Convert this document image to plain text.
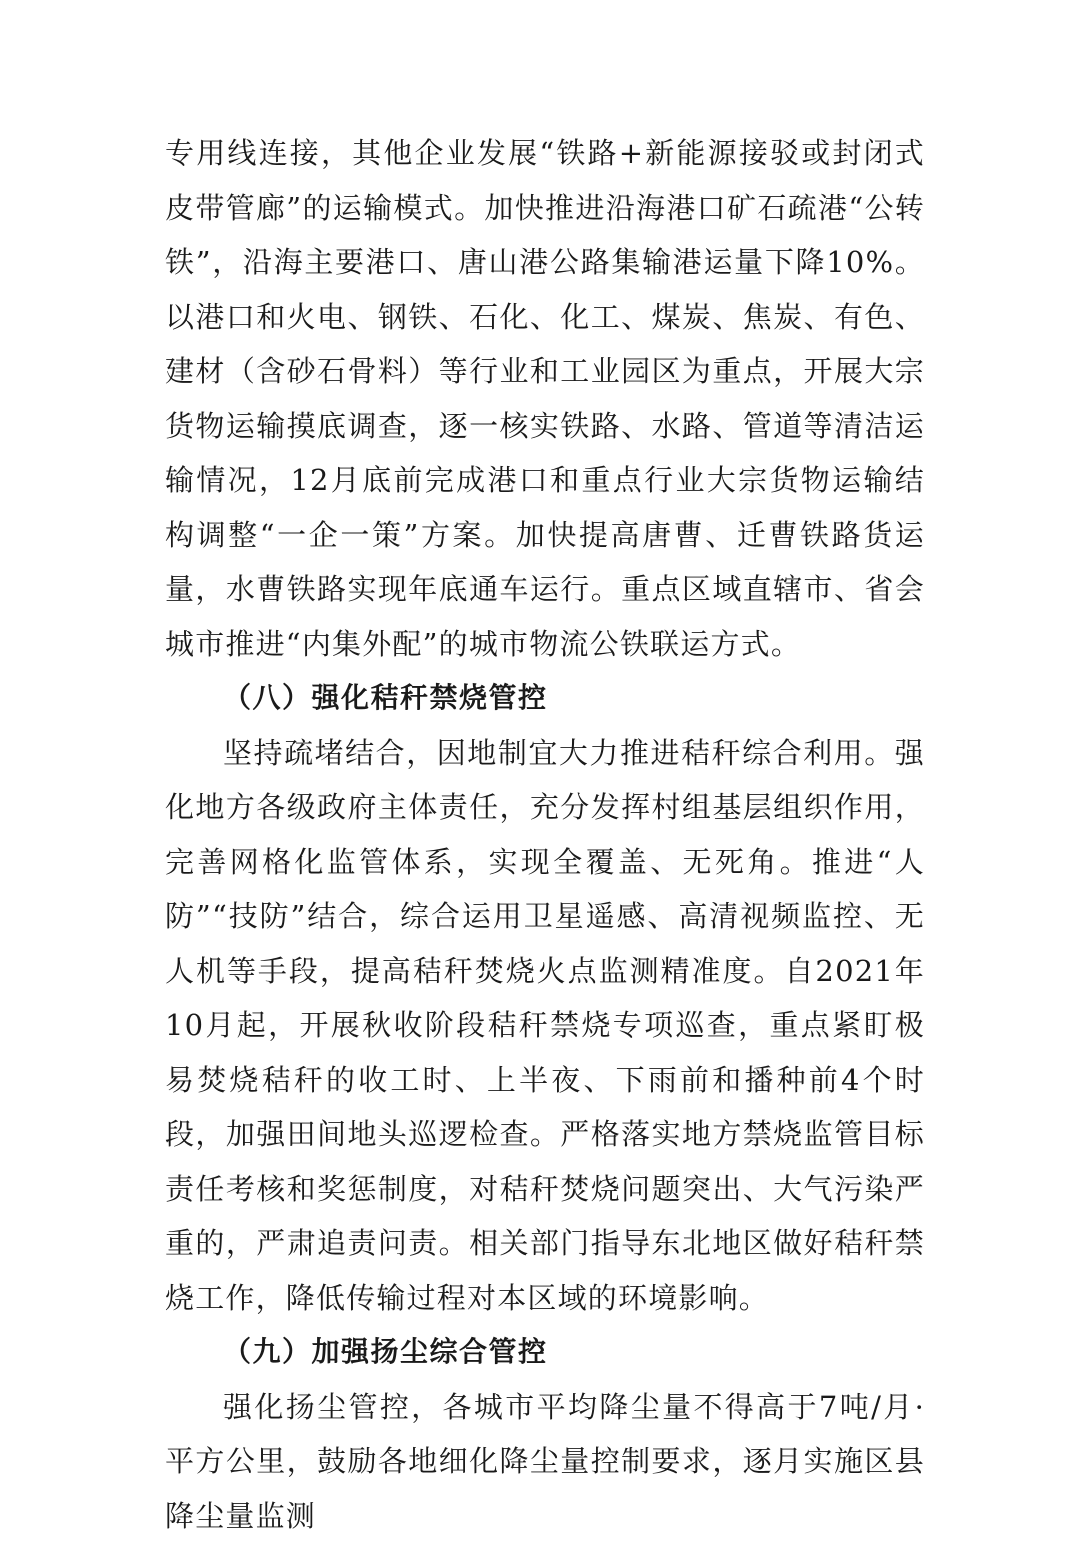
专用线连接，其他企业发展“铁路+新能源接驳或封闭式皮带管廊”的运输模式。加快推进沿海港口矿石疏港“公转铁”，沿海主要港口、唐山港公路集输港运量下降10%。以港口和火电、钢铁、石化、化工、煤炭、焦炭、有色、建材（含砂石骨料）等行业和工业园区为重点，开展大宗货物运输摸底调查，逐一核实铁路、水路、管道等清洁运输情况，12月底前完成港口和重点行业大宗货物运输结构调整“一企一策”方案。加快提高唐曹、迁曹铁路货运量，水曹铁路实现年底通车运行。重点区域直辖市、省会城市推进“内集外配”的城市物流公铁联运方式。

（八）强化秸秆禁烧管控

坚持疏堵结合，因地制宜大力推进秸秆综合利用。强化地方各级政府主体责任，充分发挥村组基层组织作用，完善网格化监管体系，实现全覆盖、无死角。推进“人防”“技防”结合，综合运用卫星遥感、高清视频监控、无人机等手段，提高秸秆焚烧火点监测精准度。自2021年10月起，开展秋收阶段秸秆禁烧专项巡查，重点紧盯极易焚烧秸秆的收工时、上半夜、下雨前和播种前4个时段，加强田间地头巡逻检查。严格落实地方禁烧监管目标责任考核和奖惩制度，对秸秆焚烧问题突出、大气污染严重的，严肃追责问责。相关部门指导东北地区做好秸秆禁烧工作，降低传输过程对本区域的环境影响。

（九）加强扬尘综合管控

强化扬尘管控，各城市平均降尘量不得高于7吨/月·平方公里，鼓励各地细化降尘量控制要求，逐月实施区县降尘量监测
